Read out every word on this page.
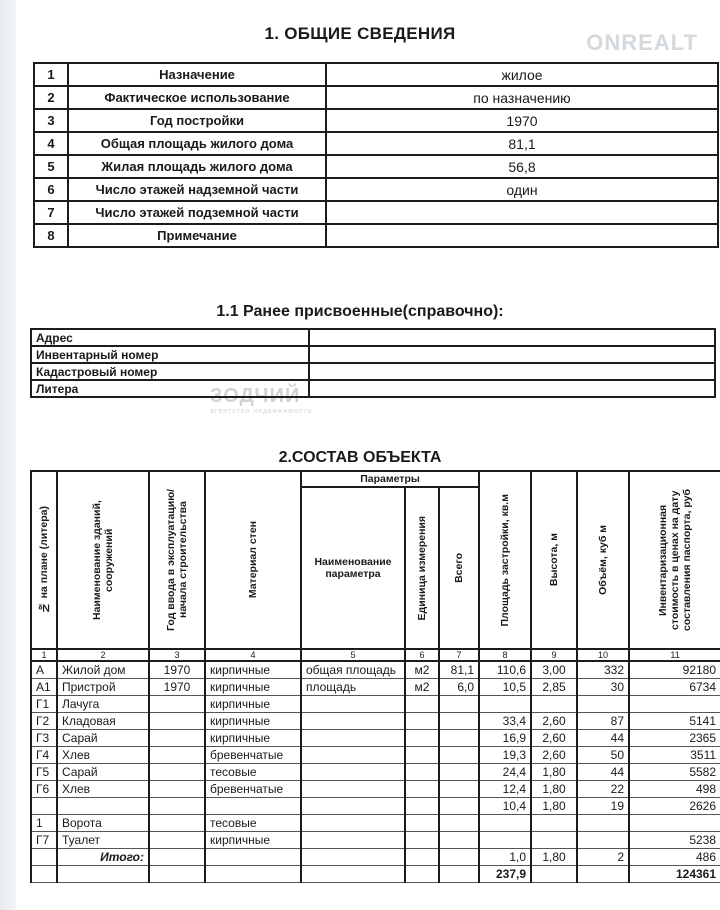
ONREALT
ЗОДЧИЙ
агентство недвижимости
1. ОБЩИЕ СВЕДЕНИЯ
1	Назначение	жилое
2	Фактическое использование	по назначению
3	Год постройки	1970
4	Общая площадь жилого дома	81,1
5	Жилая площадь жилого дома	56,8
6	Число этажей надземной части	один
7	Число этажей подземной части	
8	Примечание	
1.1 Ранее присвоенные(справочно):
Адрес	
Инвентарный номер	
Кадастровый номер	
Литера	
2.СОСТАВ ОБЪЕКТА
№ на плане (литера)	Наименование зданий, сооружений	Год ввода в эксплуатацию/начала строительства	Материал стен	Параметры			Площадь застройки, кв.м	Высота, м	Объём, куб м	Инвентаризационная стоимость в ценах на дату составления паспорта, руб

				Наименование параметра	Единица измерения	Всего				

1	2	3	4	5	6	7	8	9	10	11
А	Жилой дом	1970	кирпичные	общая площадь	м2	81,1	110,6	3,00	332	92180
А1	Пристрой	1970	кирпичные	площадь	м2	6,0	10,5	2,85	30	6734
Г1	Лачуга		кирпичные							
Г2	Кладовая		кирпичные				33,4	2,60	87	5141
Г3	Сарай		кирпичные				16,9	2,60	44	2365
Г4	Хлев		бревенчатые				19,3	2,60	50	3511
Г5	Сарай		тесовые				24,4	1,80	44	5582
Г6	Хлев		бревенчатые				12,4	1,80	22	498
							10,4	1,80	19	2626
1	Ворота		тесовые							
Г7	Туалет		кирпичные							5238
	Итого:						1,0	1,80	2	486
							237,9			124361
